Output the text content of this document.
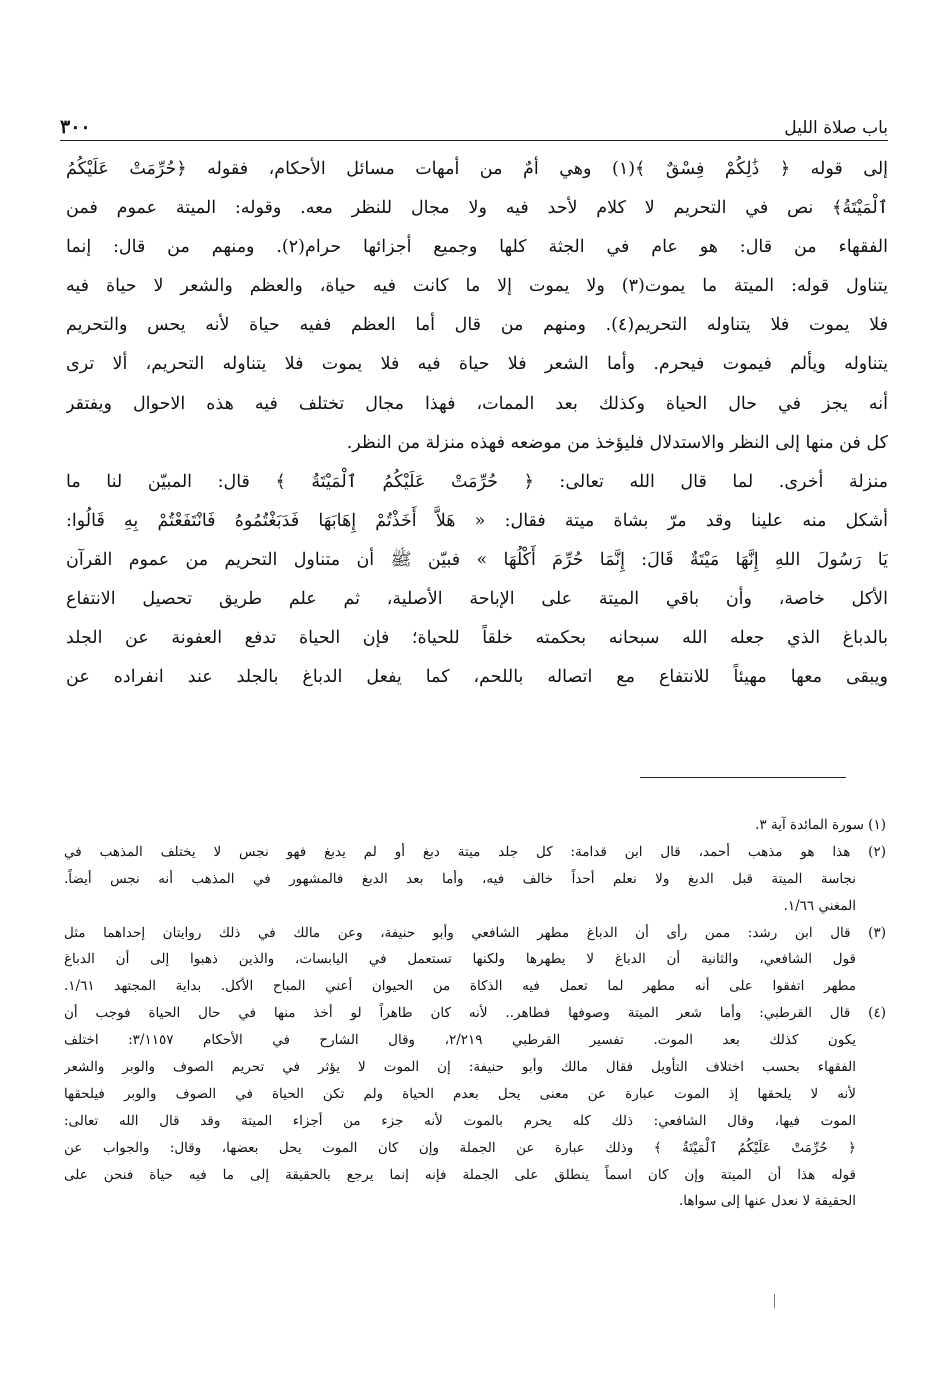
باب صلاة الليل
٣٠٠
إلى قوله ﴿ ذَٰلِكُمْ فِسْقٌ ﴾(١) وهي أمٌ من أمهات مسائل الأحكام، فقوله ﴿حُرِّمَتْ عَلَيْكُمُ
ٱلْمَيْتَةُ﴾ نص في التحريم لا كلام لأحد فيه ولا مجال للنظر معه. وقوله: الميتة عموم فمن
الفقهاء من قال: هو عام في الجثة كلها وجميع أجزائها حرام(٢). ومنهم من قال: إنما
يتناول قوله: الميتة ما يموت(٣) ولا يموت إلا ما كانت فيه حياة، والعظم والشعر لا حياة فيه
فلا يموت فلا يتناوله التحريم(٤). ومنهم من قال أما العظم ففيه حياة لأنه يحس والتحريم
يتناوله ويألم فيموت فيحرم. وأما الشعر فلا حياة فيه فلا يموت فلا يتناوله التحريم، ألا ترى
أنه يجز في حال الحياة وكذلك بعد الممات، فهذا مجال تختلف فيه هذه الاحوال ويفتقر
كل فن منها إلى النظر والاستدلال فليؤخذ من موضعه فهذه منزلة من النظر.
منزلة أخرى. لما قال الله تعالى: ﴿ حُرِّمَتْ عَلَيْكُمُ ٱلْمَيْتَةُ ﴾ قال: المبيّن لنا ما
أشكل منه علينا وقد مرّ بشاة ميتة فقال: « هَلاَّ أَخَذْتُمْ إِهَابَهَا فَدَبَغْتُمُوهُ فَانْتَفَعْتُمْ بِهِ قَالُوا:
يَا رَسُولَ اللهِ إِنَّهَا مَيْتَةٌ قَالَ: إِنَّمَا حُرِّمَ أَكْلُهَا » فبيّن ﷺ أن متناول التحريم من عموم القرآن
الأكل خاصة، وأن باقي الميتة على الإباحة الأصلية، ثم علم طريق تحصيل الانتفاع
بالدباغ الذي جعله الله سبحانه بحكمته خلقاً للحياة؛ فإن الحياة تدفع العفونة عن الجلد
ويبقى معها مهيئاً للانتفاع مع اتصاله باللحم، كما يفعل الدباغ بالجلد عند انفراده عن
(١) سورة المائدة آية ٣.
(٢) هذا هو مذهب أحمد، قال ابن قدامة: كل جلد ميتة دبغ أو لم يدبغ فهو نجس لا يختلف المذهب في
نجاسة الميتة قبل الدبغ ولا نعلم أحداً خالف فيه، وأما بعد الدبغ فالمشهور في المذهب أنه نجس أيضاً.
المغني ١/٦٦.
(٣) قال ابن رشد: ممن رأى أن الدباغ مطهر الشافعي وأبو حنيفة، وعن مالك في ذلك روايتان إحداهما مثل
قول الشافعي، والثانية أن الدباغ لا يطهرها ولكنها تستعمل في اليابسات، والذين ذهبوا إلى أن الدباغ
مطهر اتفقوا على أنه مطهر لما تعمل فيه الذكاة من الحيوان أعني المباح الأكل. بداية المجتهد ١/٦١.
(٤) قال القرطبي: وأما شعر الميتة وصوفها فطاهر.. لأنه كان طاهراً لو أخذ منها في حال الحياة فوجب أن
يكون كذلك بعد الموت. تفسير القرطبي ٢/٢١٩، وقال الشارح في الأحكام ٣/١١٥٧: اختلف
الفقهاء بحسب اختلاف التأويل فقال مالك وأبو حنيفة: إن الموت لا يؤثر في تحريم الصوف والوبر والشعر
لأنه لا يلحقها إذ الموت عبارة عن معنى يحل بعدم الحياة ولم تكن الحياة في الصوف والوبر فيلحقها
الموت فيها، وقال الشافعي: ذلك كله يحرم بالموت لأنه جزء من أجزاء الميتة وقد قال الله تعالى:
﴿ حُرِّمَتْ عَلَيْكُمُ ٱلْمَيْتَةُ ﴾ وذلك عبارة عن الجملة وإن كان الموت يحل بعضها، وقال: والجواب عن
قوله هذا أن الميتة وإن كان اسماً ينطلق على الجملة فإنه إنما يرجع بالحقيقة إلى ما فيه حياة فنحن على
الحقيقة لا نعدل عنها إلى سواها.
